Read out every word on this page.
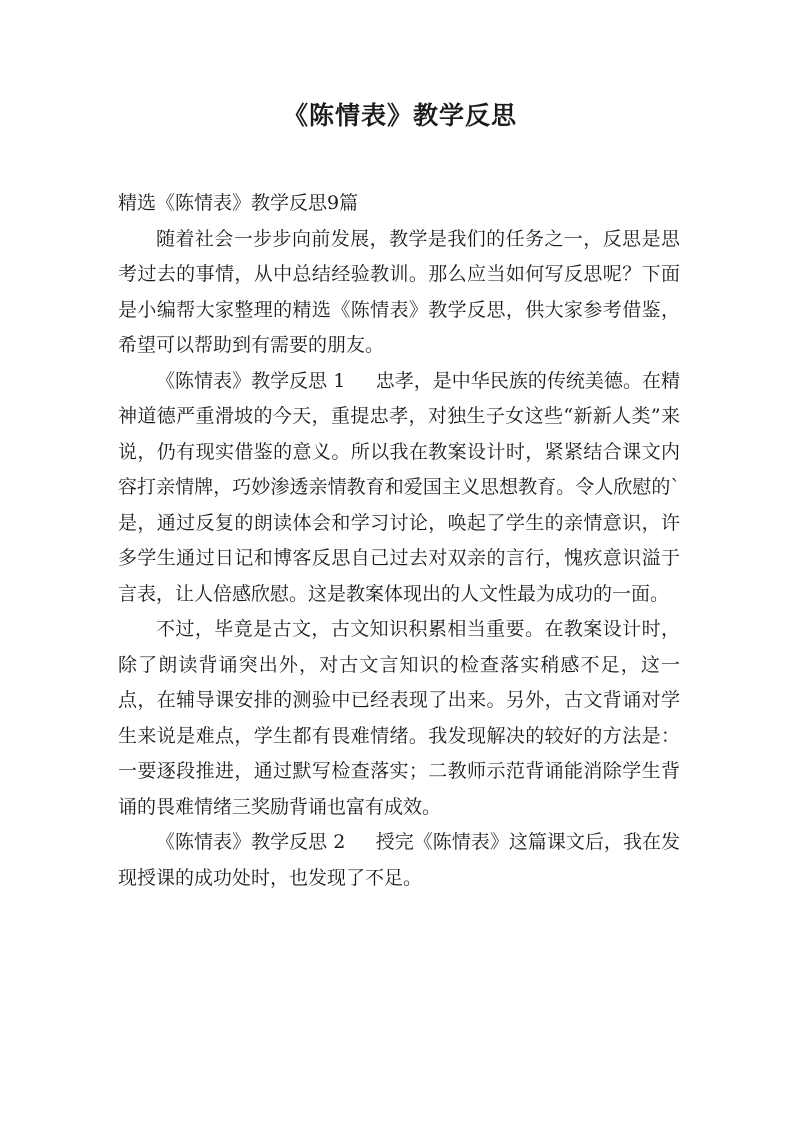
《陈情表》教学反思

精选《陈情表》教学反思9篇

随着社会一步步向前发展，教学是我们的任务之一，反思是思考过去的事情，从中总结经验教训。那么应当如何写反思呢？下面是小编帮大家整理的精选《陈情表》教学反思，供大家参考借鉴，希望可以帮助到有需要的朋友。

《陈情表》教学反思 1 忠孝，是中华民族的传统美德。在精神道德严重滑坡的今天，重提忠孝，对独生子女这些“新新人类”来说，仍有现实借鉴的意义。所以我在教案设计时，紧紧结合课文内容打亲情牌，巧妙渗透亲情教育和爱国主义思想教育。令人欣慰的`是，通过反复的朗读体会和学习讨论，唤起了学生的亲情意识，许多学生通过日记和博客反思自己过去对双亲的言行，愧疚意识溢于言表，让人倍感欣慰。这是教案体现出的人文性最为成功的一面。

不过，毕竟是古文，古文知识积累相当重要。在教案设计时，除了朗读背诵突出外，对古文言知识的检查落实稍感不足，这一点，在辅导课安排的测验中已经表现了出来。另外，古文背诵对学生来说是难点，学生都有畏难情绪。我发现解决的较好的方法是：一要逐段推进，通过默写检查落实；二教师示范背诵能消除学生背诵的畏难情绪三奖励背诵也富有成效。

《陈情表》教学反思 2 授完《陈情表》这篇课文后，我在发现授课的成功处时，也发现了不足。
